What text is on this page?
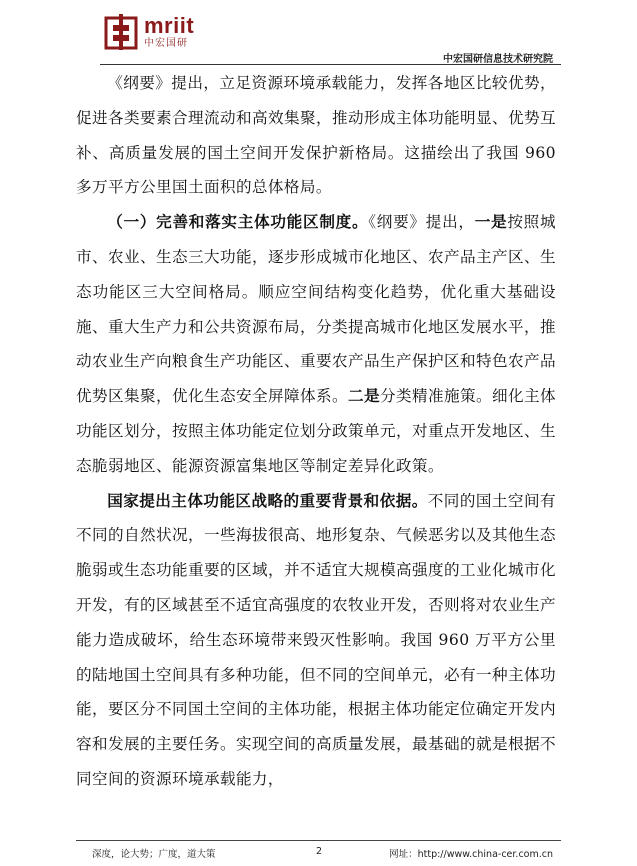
mriit
中宏国研
中宏国研信息技术研究院

《纲要》提出，立足资源环境承载能力，发挥各地区比较优势，促进各类要素合理流动和高效集聚，推动形成主体功能明显、优势互补、高质量发展的国土空间开发保护新格局。这描绘出了我国 960 多万平方公里国土面积的总体格局。

（一）完善和落实主体功能区制度。《纲要》提出，一是按照城市、农业、生态三大功能，逐步形成城市化地区、农产品主产区、生态功能区三大空间格局。顺应空间结构变化趋势，优化重大基础设施、重大生产力和公共资源布局，分类提高城市化地区发展水平，推动农业生产向粮食生产功能区、重要农产品生产保护区和特色农产品优势区集聚，优化生态安全屏障体系。二是分类精准施策。细化主体功能区划分，按照主体功能定位划分政策单元，对重点开发地区、生态脆弱地区、能源资源富集地区等制定差异化政策。

国家提出主体功能区战略的重要背景和依据。不同的国土空间有不同的自然状况，一些海拔很高、地形复杂、气候恶劣以及其他生态脆弱或生态功能重要的区域，并不适宜大规模高强度的工业化城市化开发，有的区域甚至不适宜高强度的农牧业开发，否则将对农业生产能力造成破坏，给生态环境带来毁灭性影响。我国 960 万平方公里的陆地国土空间具有多种功能，但不同的空间单元，必有一种主体功能，要区分不同国土空间的主体功能，根据主体功能定位确定开发内容和发展的主要任务。实现空间的高质量发展，最基础的就是根据不同空间的资源环境承载能力，

深度，论大势；广度，道大策	2	网址：http://www.china-cer.com.cn
